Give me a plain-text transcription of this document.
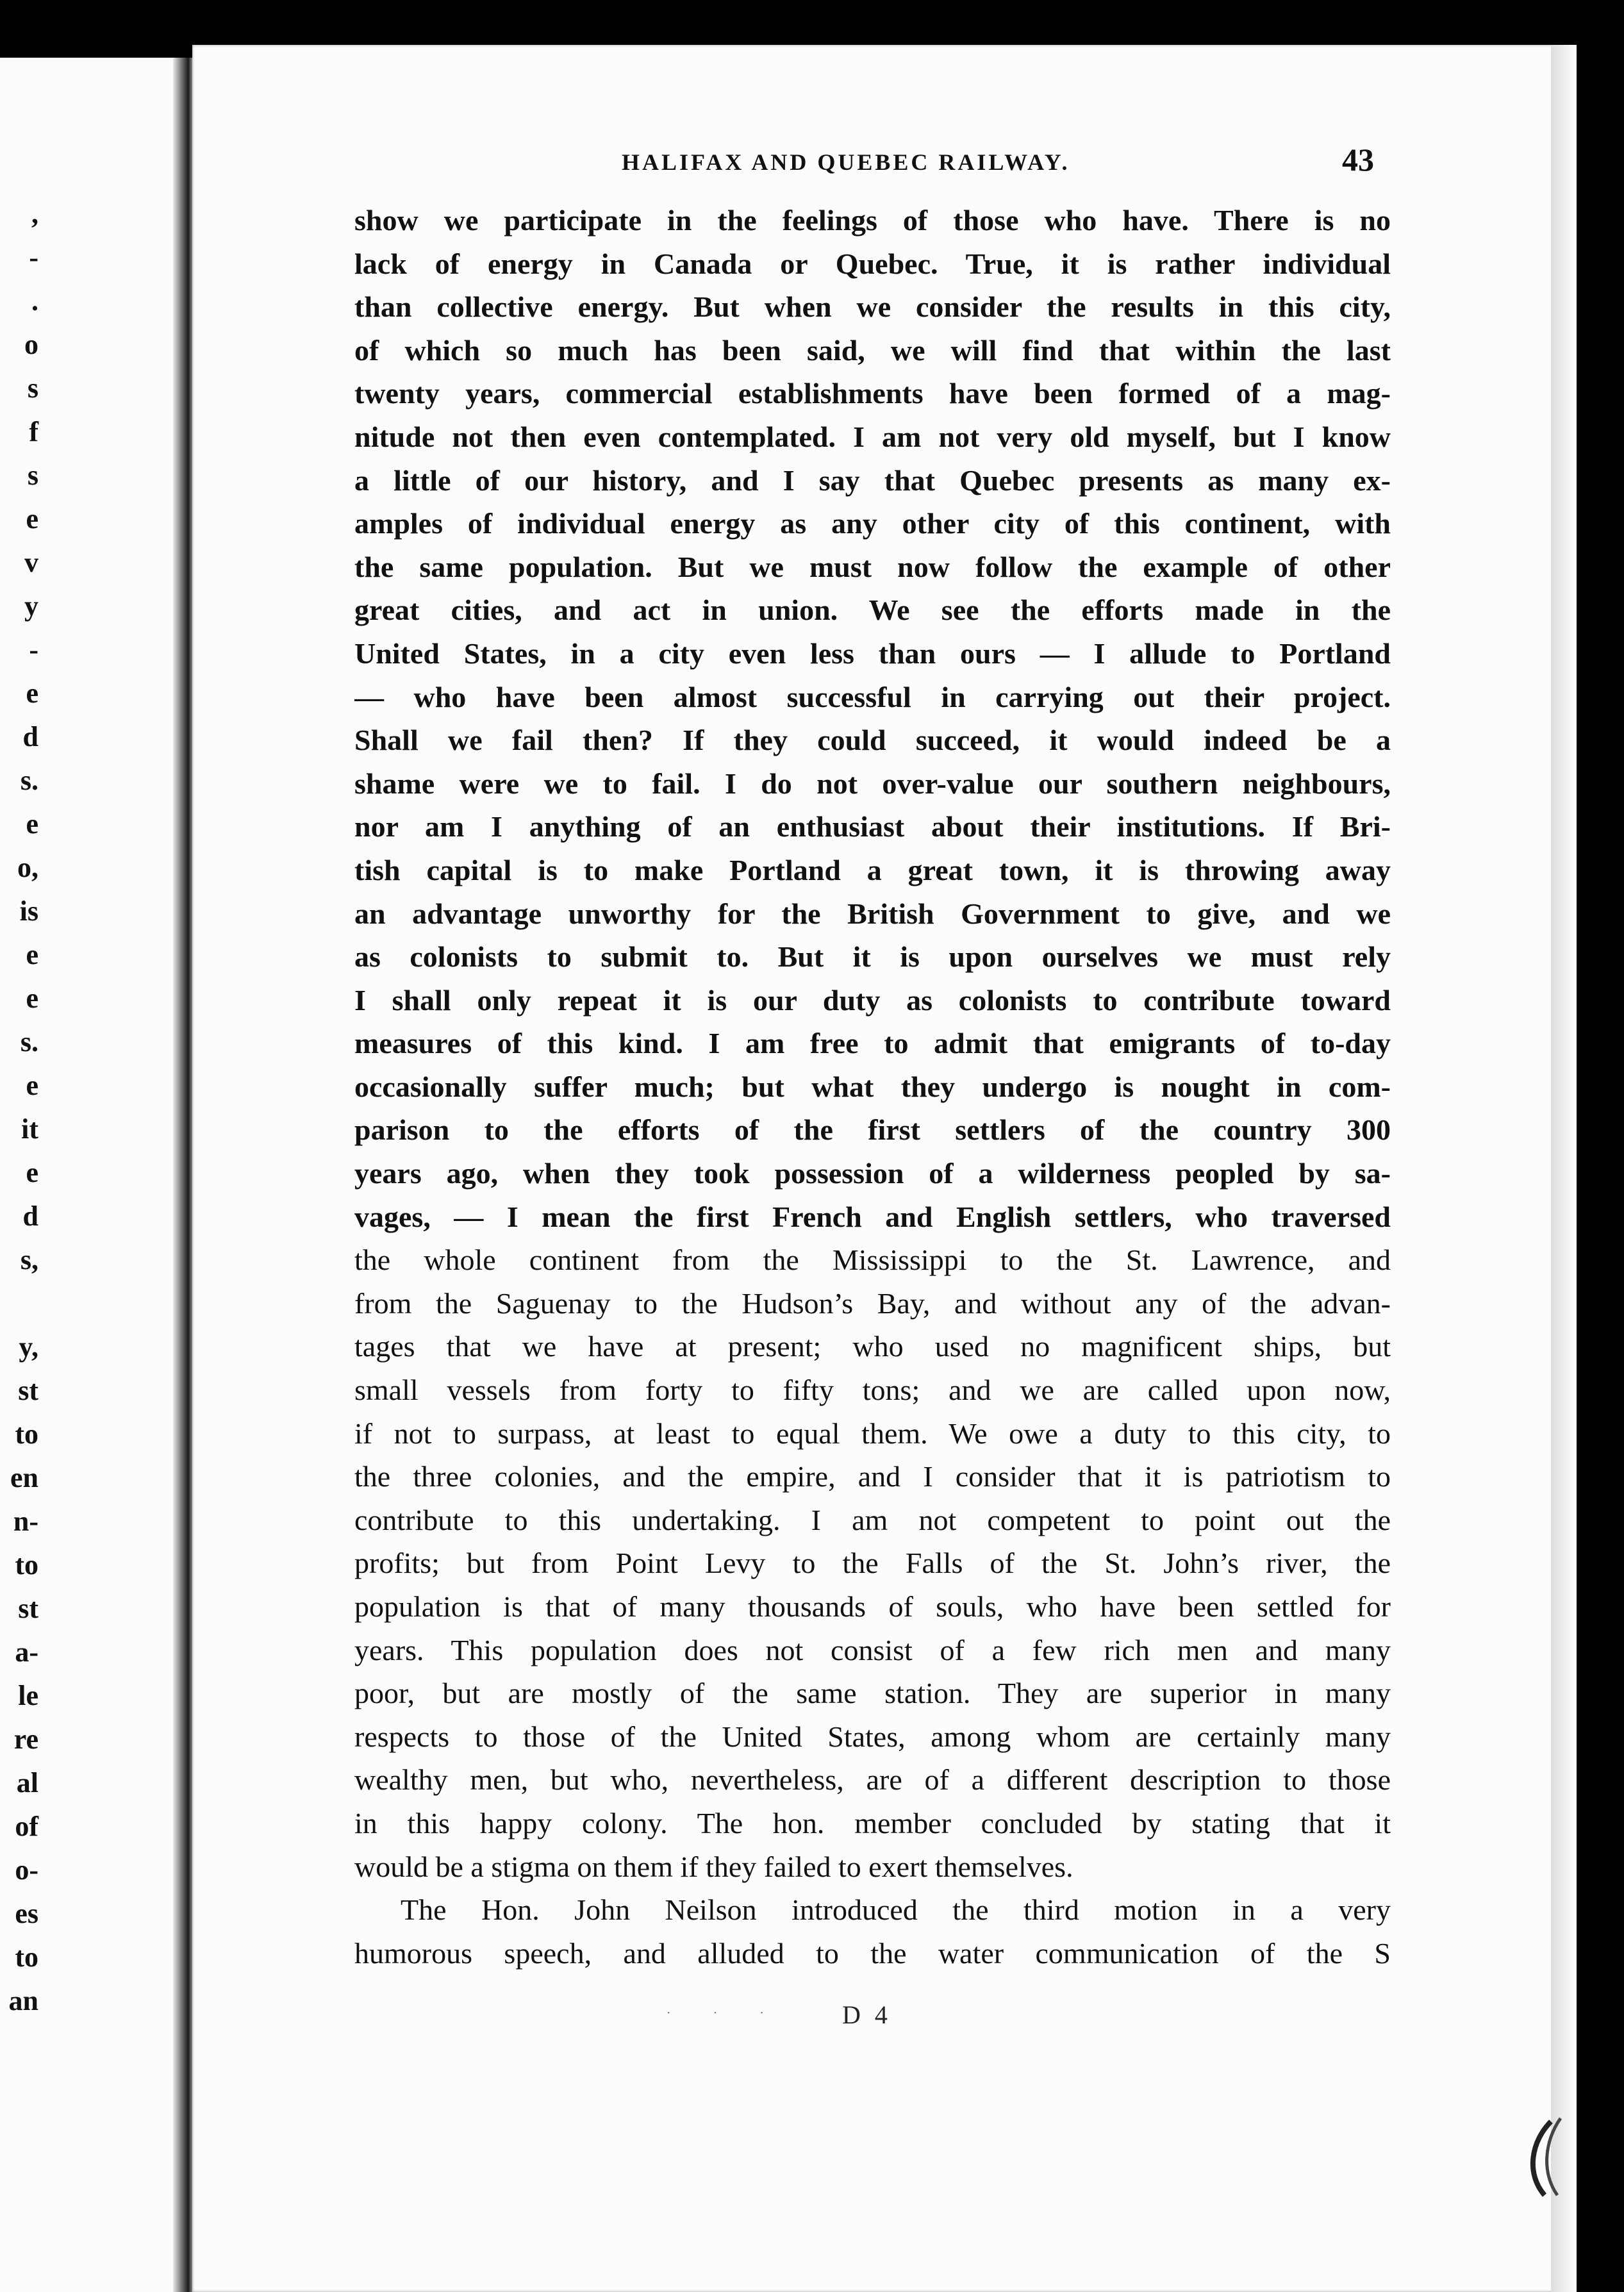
,
-
.
o
s
f
s
e
v
y
-
e
d
s.
e
o,
is
e
e
s.
e
it
e
d
s,
y,
st
to
en
n-
to
st
a-
le
re
al
of
o-
es
to
an
HALIFAX AND QUEBEC RAILWAY.	43
show we participate in the feelings of those who have. There is no
lack of energy in Canada or Quebec. True, it is rather individual
than collective energy. But when we consider the results in this city,
of which so much has been said, we will find that within the last
twenty years, commercial establishments have been formed of a mag-
nitude not then even contemplated. I am not very old myself, but I know
a little of our history, and I say that Quebec presents as many ex-
amples of individual energy as any other city of this continent, with
the same population. But we must now follow the example of other
great cities, and act in union. We see the efforts made in the
United States, in a city even less than ours — I allude to Portland
— who have been almost successful in carrying out their project.
Shall we fail then? If they could succeed, it would indeed be a
shame were we to fail. I do not over-value our southern neighbours,
nor am I anything of an enthusiast about their institutions. If Bri-
tish capital is to make Portland a great town, it is throwing away
an advantage unworthy for the British Government to give, and we
as colonists to submit to. But it is upon ourselves we must rely
I shall only repeat it is our duty as colonists to contribute toward
measures of this kind. I am free to admit that emigrants of to-day
occasionally suffer much; but what they undergo is nought in com-
parison to the efforts of the first settlers of the country 300
years ago, when they took possession of a wilderness peopled by sa-
vages, — I mean the first French and English settlers, who traversed
the whole continent from the Mississippi to the St. Lawrence, and
from the Saguenay to the Hudson’s Bay, and without any of the advan-
tages that we have at present; who used no magnificent ships, but
small vessels from forty to fifty tons; and we are called upon now,
if not to surpass, at least to equal them. We owe a duty to this city, to
the three colonies, and the empire, and I consider that it is patriotism to
contribute to this undertaking. I am not competent to point out the
profits; but from Point Levy to the Falls of the St. John’s river, the
population is that of many thousands of souls, who have been settled for
years. This population does not consist of a few rich men and many
poor, but are mostly of the same station. They are superior in many
respects to those of the United States, among whom are certainly many
wealthy men, but who, nevertheless, are of a different description to those
in this happy colony. The hon. member concluded by stating that it
would be a stigma on them if they failed to exert themselves.
The Hon. John Neilson introduced the third motion in a very
humorous speech, and alluded to the water communication of the S
· · · D 4
